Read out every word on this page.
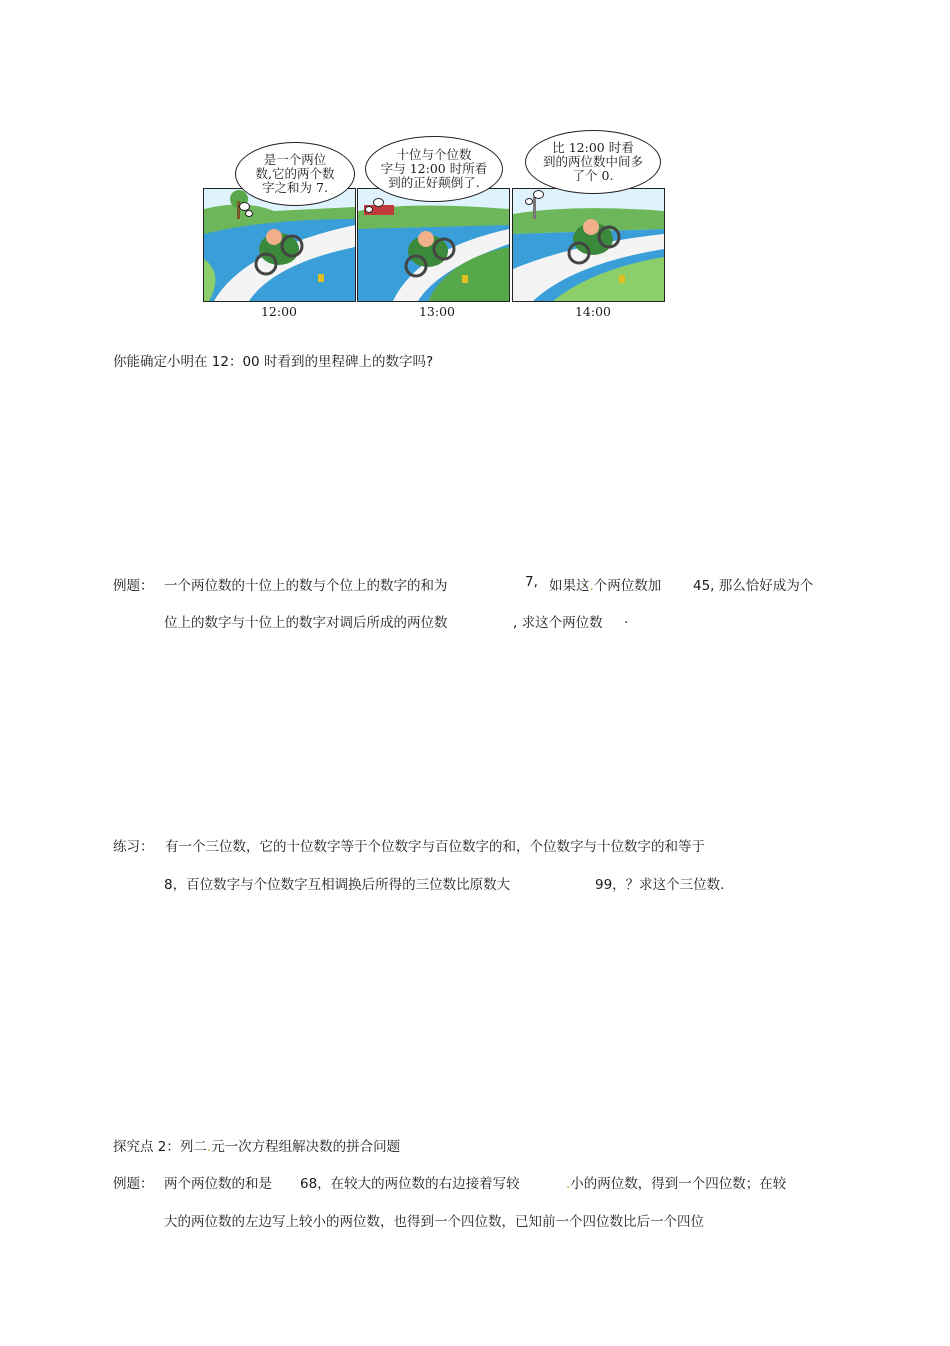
是一个两位
数,它的两个数
字之和为 7.
12:00
十位与个位数
字与 12:00 时所看
到的正好颠倒了.
13:00
比 12:00 时看
到的两位数中间多
了个 0.
14:00
你能确定小明在 12：00 时看到的里程碑上的数字吗?
例题： 一个两位数的十位上的数与个位上的数字的和为	7, 如果这.个两位数加 45, 那么恰好成为个
位上的数字与十位上的数字对调后所成的两位数	, 求这个两位数 .
练习： 有一个三位数，它的十位数字等于个位数字与百位数字的和，个位数字与十位数字的和等于
8，百位数字与个位数字互相调换后所得的三位数比原数大	99，？求这个三位数.
探究点 2：列二.元一次方程组解决数的拼合问题
例题： 两个两位数的和是 68，在较大的两位数的右边接着写较	.小的两位数，得到一个四位数；在较
大的两位数的左边写上较小的两位数，也得到一个四位数，已知前一个四位数比后一个四位
